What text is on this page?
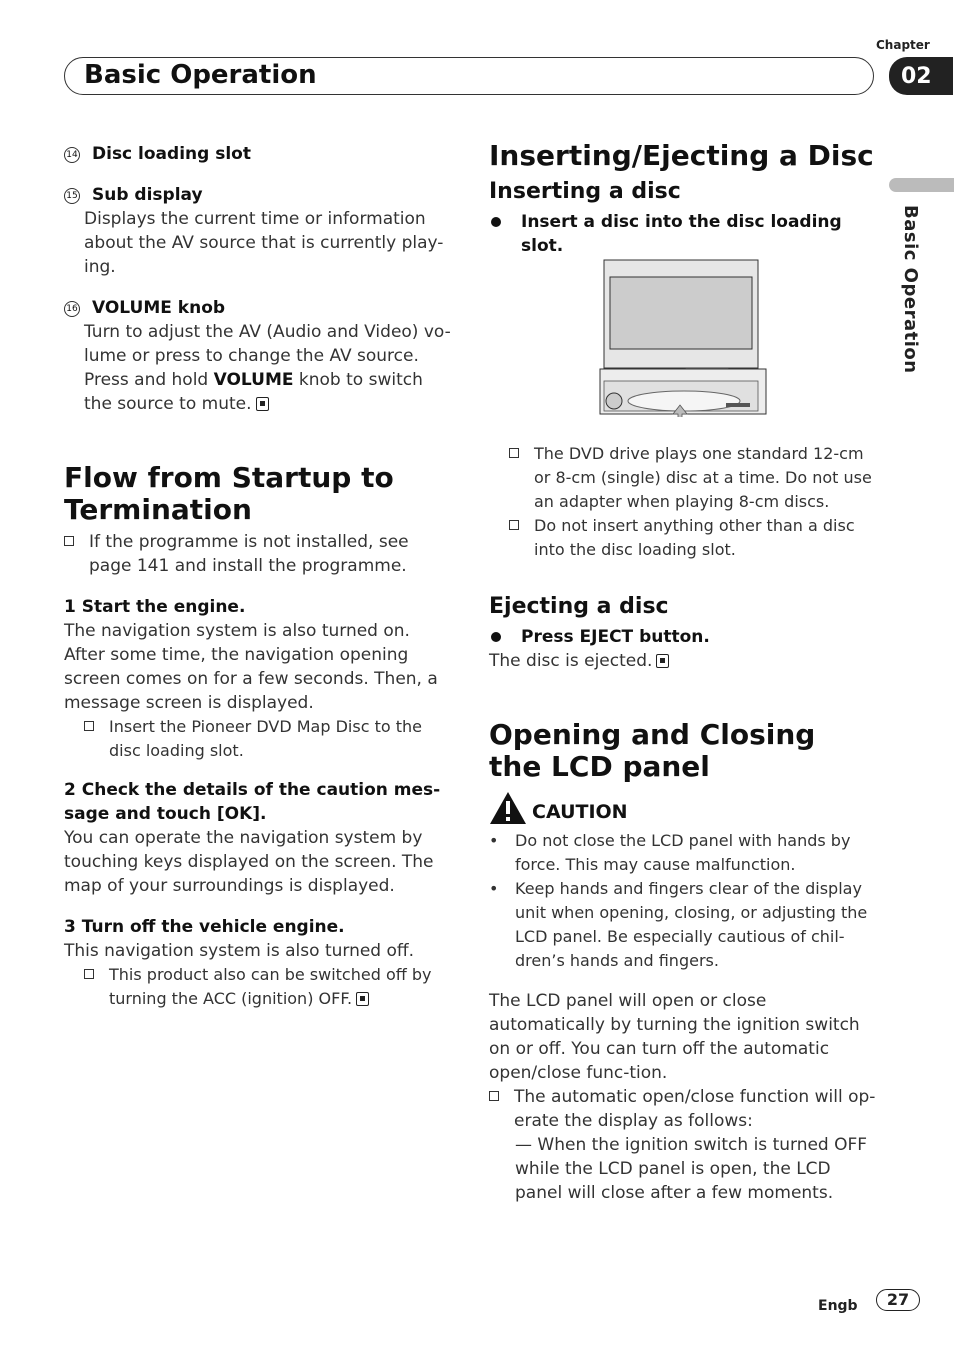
Basic Operation
Chapter
02
Basic Operation
14 Disc loading slot
15 Sub display
Displays the current time or information about the AV source that is currently play-ing.
16 VOLUME knob
Turn to adjust the AV (Audio and Video) vo-lume or press to change the AV source. Press and hold VOLUME knob to switch the source to mute.
Flow from Startup to Termination
If the programme is not installed, see page 141 and install the programme.
1 Start the engine.
The navigation system is also turned on. After some time, the navigation opening screen comes on for a few seconds. Then, a message screen is displayed.
Insert the Pioneer DVD Map Disc to the disc loading slot.
2 Check the details of the caution mes-sage and touch [OK].
You can operate the navigation system by touching keys displayed on the screen. The map of your surroundings is displayed.
3 Turn off the vehicle engine.
This navigation system is also turned off.
This product also can be switched off by turning the ACC (ignition) OFF.
Inserting/Ejecting a Disc
Inserting a disc
Insert a disc into the disc loading slot.
The DVD drive plays one standard 12-cm or 8-cm (single) disc at a time. Do not use an adapter when playing 8-cm discs.
Do not insert anything other than a disc into the disc loading slot.
Ejecting a disc
Press EJECT button.
The disc is ejected.
Opening and Closing the LCD panel
CAUTION
• Do not close the LCD panel with hands by force. This may cause malfunction.
• Keep hands and fingers clear of the display unit when opening, closing, or adjusting the LCD panel. Be especially cautious of chil-dren’s hands and fingers.
The LCD panel will open or close automatically by turning the ignition switch on or off. You can turn off the automatic open/close func-tion.
The automatic open/close function will op-erate the display as follows:
— When the ignition switch is turned OFF while the LCD panel is open, the LCD panel will close after a few moments.
Engb	27
